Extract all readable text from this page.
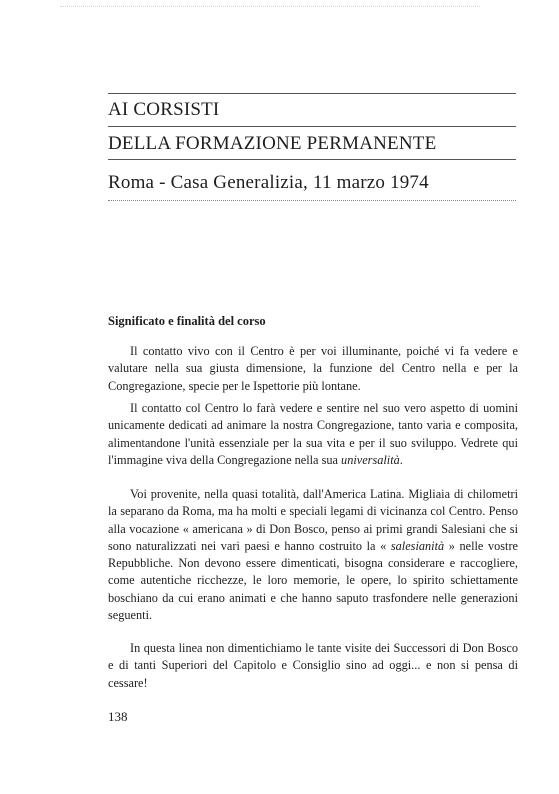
AI CORSISTI
DELLA FORMAZIONE PERMANENTE
Roma - Casa Generalizia, 11 marzo 1974
Significato e finalità del corso

Il contatto vivo con il Centro è per voi illuminante, poiché vi fa vedere e valutare nella sua giusta dimensione, la funzione del Centro nella e per la Congregazione, specie per le Ispettorie più lontane.

Il contatto col Centro lo farà vedere e sentire nel suo vero aspetto di uomini unicamente dedicati ad animare la nostra Congregazione, tanto varia e composita, alimentandone l'unità essenziale per la sua vita e per il suo sviluppo. Vedrete qui l'immagine viva della Congregazione nella sua universalità.

Voi provenite, nella quasi totalità, dall'America Latina. Migliaia di chilometri la separano da Roma, ma ha molti e speciali legami di vicinanza col Centro. Penso alla vocazione « americana » di Don Bosco, penso ai primi grandi Salesiani che si sono naturalizzati nei vari paesi e hanno costruito la « salesianità » nelle vostre Repubbliche. Non devono essere dimenticati, bisogna considerare e raccogliere, come autentiche ricchezze, le loro memorie, le opere, lo spirito schiettamente boschiano da cui erano animati e che hanno saputo trasfondere nelle generazioni seguenti.

In questa linea non dimentichiamo le tante visite dei Successori di Don Bosco e di tanti Superiori del Capitolo e Consiglio sino ad oggi... e non si pensa di cessare!

138
